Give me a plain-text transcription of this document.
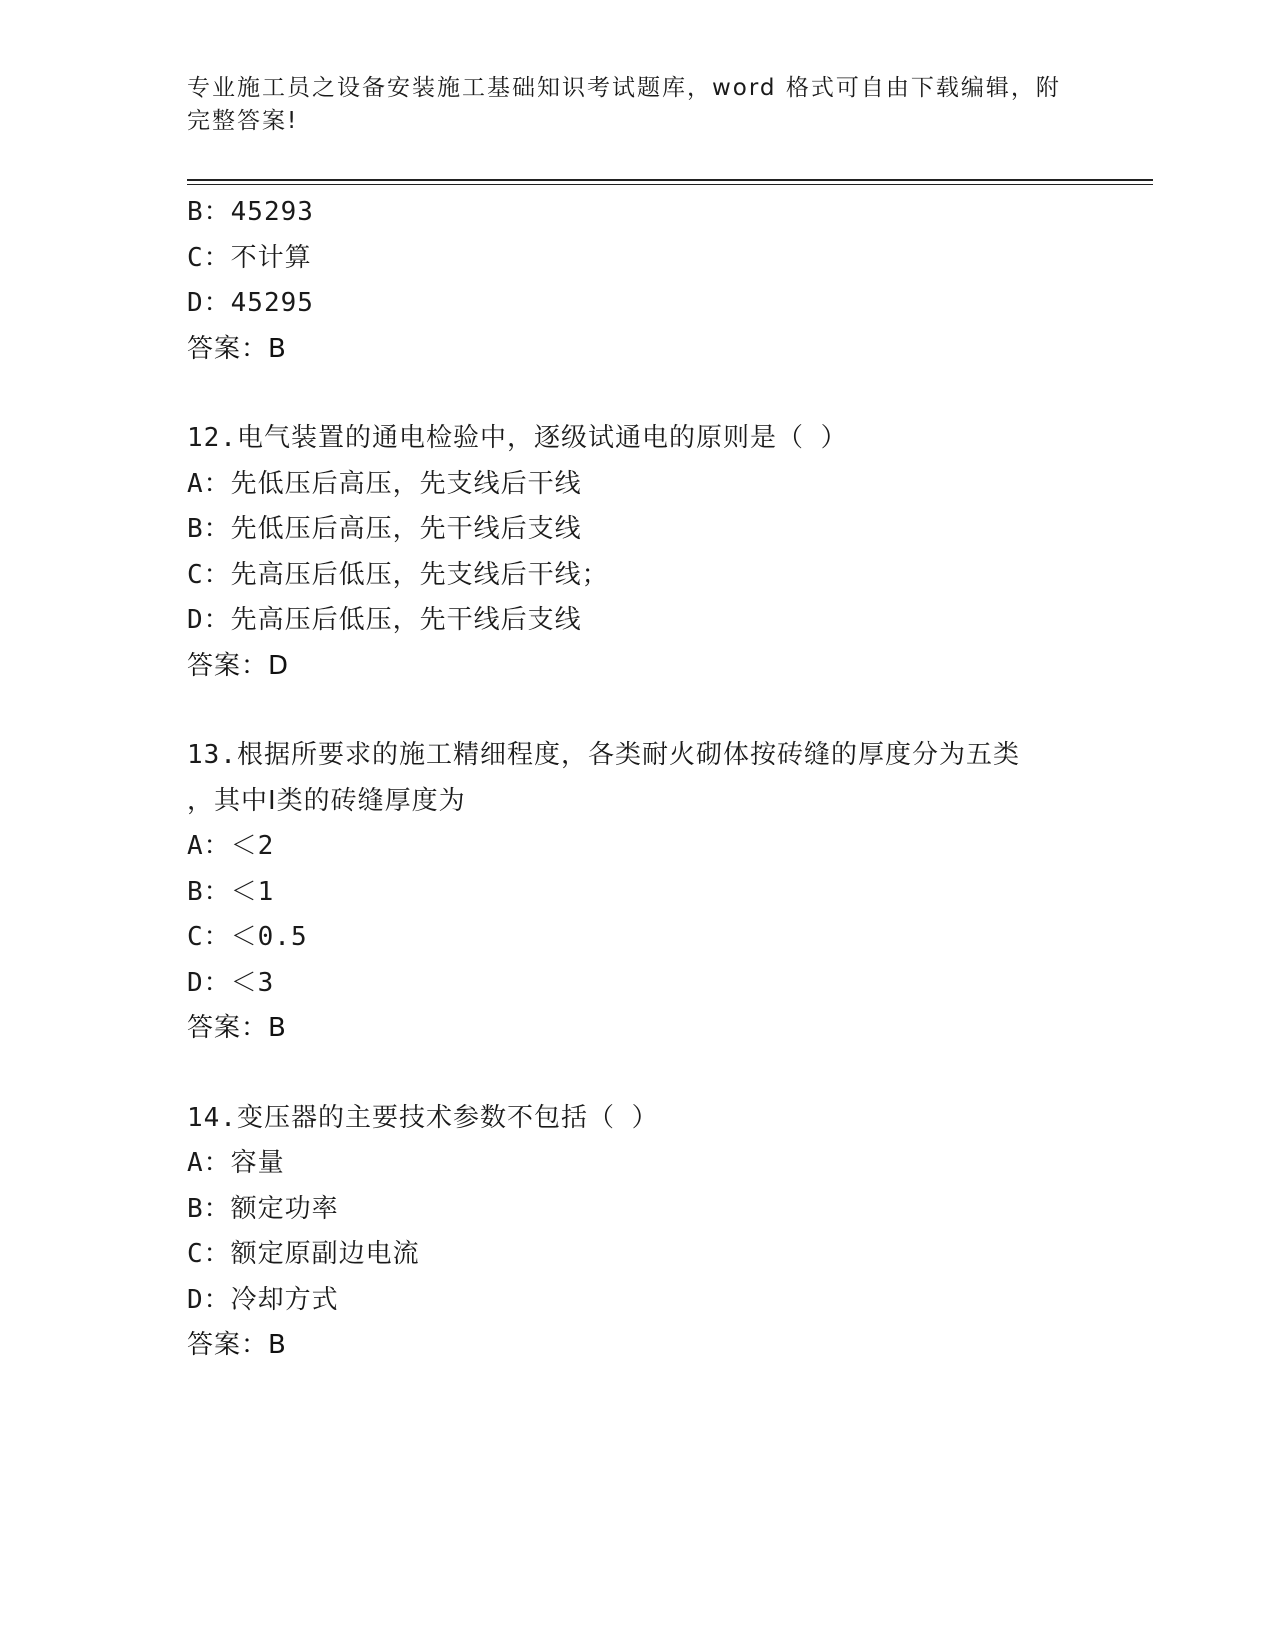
专业施工员之设备安装施工基础知识考试题库，word 格式可自由下载编辑，附完整答案!
B：45293
C：不计算
D：45295
答案：B
12.电气装置的通电检验中，逐级试通电的原则是（ ）
A：先低压后高压，先支线后干线
B：先低压后高压，先干线后支线
C：先高压后低压，先支线后干线；
D：先高压后低压，先干线后支线
答案：D
13.根据所要求的施工精细程度，各类耐火砌体按砖缝的厚度分为五类
，其中Ⅰ类的砖缝厚度为
A：＜2
B：＜1
C：＜0.5
D：＜3
答案：B
14.变压器的主要技术参数不包括（ ）
A：容量
B：额定功率
C：额定原副边电流
D：冷却方式
答案：B
